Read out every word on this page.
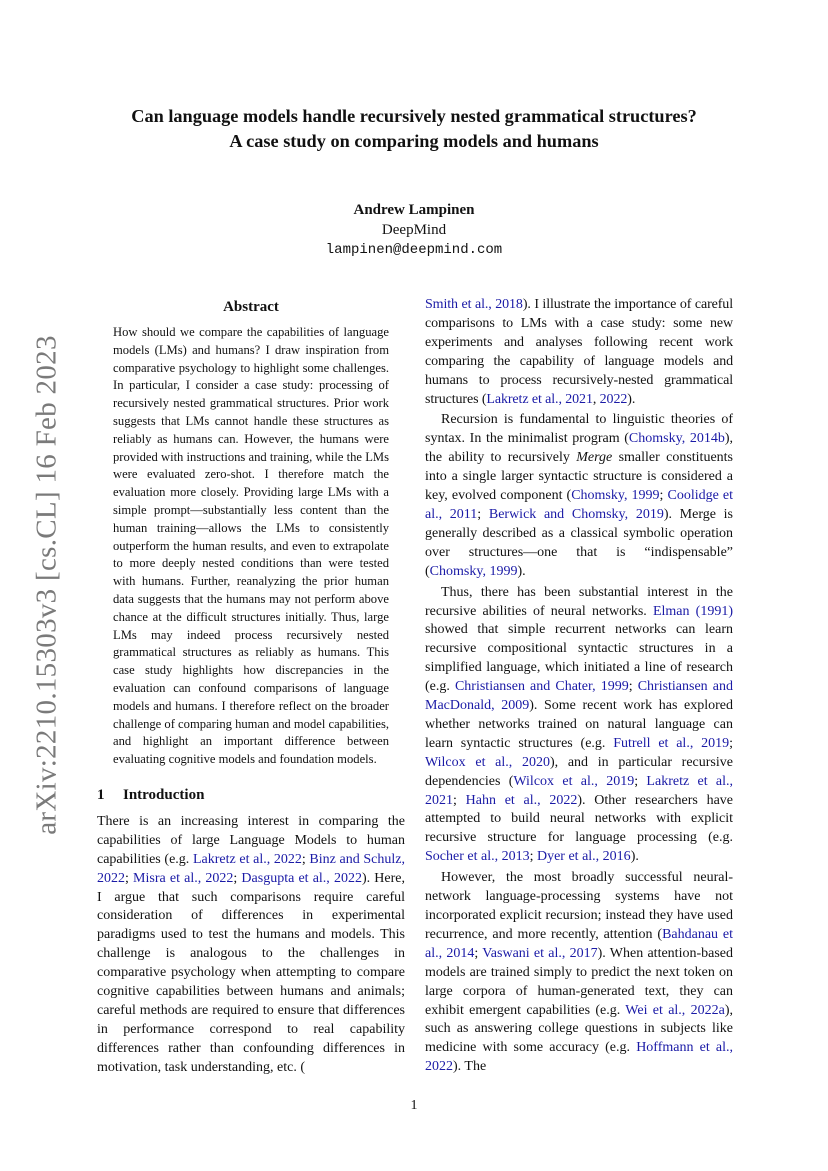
arXiv:2210.15303v3 [cs.CL] 16 Feb 2023

Can language models handle recursively nested grammatical structures?
A case study on comparing models and humans

Andrew Lampinen
DeepMind
lampinen@deepmind.com
Abstract

How should we compare the capabilities of language models (LMs) and humans? I draw inspiration from comparative psychology to highlight some challenges. In particular, I consider a case study: processing of recursively nested grammatical structures. Prior work suggests that LMs cannot handle these structures as reliably as humans can. However, the humans were provided with instructions and training, while the LMs were evaluated zero-shot. I therefore match the evaluation more closely. Providing large LMs with a simple prompt—substantially less content than the human training—allows the LMs to consistently outperform the human results, and even to extrapolate to more deeply nested conditions than were tested with humans. Further, reanalyzing the prior human data suggests that the humans may not perform above chance at the difficult structures initially. Thus, large LMs may indeed process recursively nested grammatical structures as reliably as humans. This case study highlights how discrepancies in the evaluation can confound comparisons of language models and humans. I therefore reflect on the broader challenge of comparing human and model capabilities, and highlight an important difference between evaluating cognitive models and foundation models.

1 Introduction

There is an increasing interest in comparing the capabilities of large Language Models to human capabilities (e.g. Lakretz et al., 2022; Binz and Schulz, 2022; Misra et al., 2022; Dasgupta et al., 2022). Here, I argue that such comparisons require careful consideration of differences in experimental paradigms used to test the humans and models. This challenge is analogous to the challenges in comparative psychology when attempting to compare cognitive capabilities between humans and animals; careful methods are required to ensure that differences in performance correspond to real capability differences rather than confounding differences in motivation, task understanding, etc. (

Smith et al., 2018). I illustrate the importance of careful comparisons to LMs with a case study: some new experiments and analyses following recent work comparing the capability of language models and humans to process recursively-nested grammatical structures (Lakretz et al., 2021, 2022).

Recursion is fundamental to linguistic theories of syntax. In the minimalist program (Chomsky, 2014b), the ability to recursively Merge smaller constituents into a single larger syntactic structure is considered a key, evolved component (Chomsky, 1999; Coolidge et al., 2011; Berwick and Chomsky, 2019). Merge is generally described as a classical symbolic operation over structures—one that is “indispensable” (Chomsky, 1999).

Thus, there has been substantial interest in the recursive abilities of neural networks. Elman (1991) showed that simple recurrent networks can learn recursive compositional syntactic structures in a simplified language, which initiated a line of research (e.g. Christiansen and Chater, 1999; Christiansen and MacDonald, 2009). Some recent work has explored whether networks trained on natural language can learn syntactic structures (e.g. Futrell et al., 2019; Wilcox et al., 2020), and in particular recursive dependencies (Wilcox et al., 2019; Lakretz et al., 2021; Hahn et al., 2022). Other researchers have attempted to build neural networks with explicit recursive structure for language processing (e.g. Socher et al., 2013; Dyer et al., 2016).

However, the most broadly successful neural-network language-processing systems have not incorporated explicit recursion; instead they have used recurrence, and more recently, attention (Bahdanau et al., 2014; Vaswani et al., 2017). When attention-based models are trained simply to predict the next token on large corpora of human-generated text, they can exhibit emergent capabilities (e.g. Wei et al., 2022a), such as answering college questions in subjects like medicine with some accuracy (e.g. Hoffmann et al., 2022). The

1
